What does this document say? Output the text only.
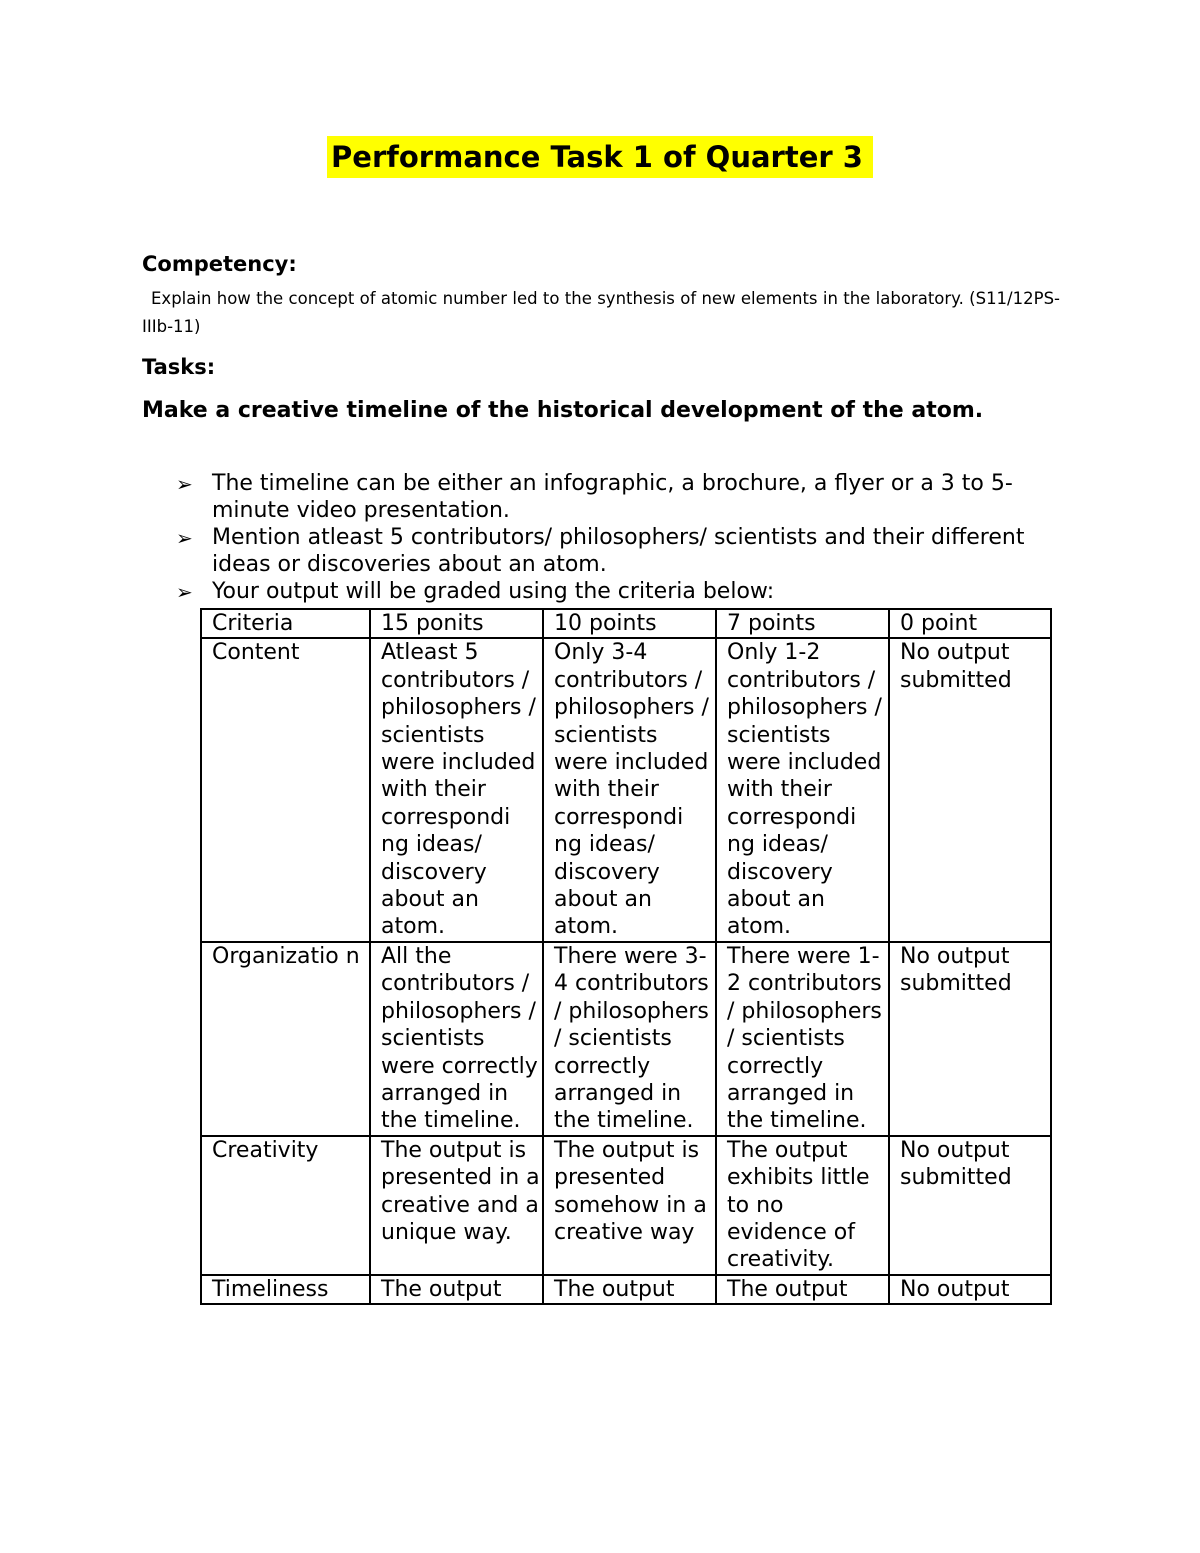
Performance Task 1 of Quarter 3
Competency:
Explain how the concept of atomic number led to the synthesis of new elements in the laboratory. (S11/12PS-IIIb-11)
Tasks:
Make a creative timeline of the historical development of the atom.
➢ The timeline can be either an infographic, a brochure, a flyer or a 3 to 5-minute video presentation.
➢ Mention atleast 5 contributors/ philosophers/ scientists and their different ideas or discoveries about an atom.
➢ Your output will be graded using the criteria below:
Criteria	15 ponits	10 points	7 points	0 point
Content	Atleast 5 contributors / philosophers / scientists were included with their correspondi ng ideas/ discovery about an atom.	Only 3-4 contributors / philosophers / scientists were included with their correspondi ng ideas/ discovery about an atom.	Only 1-2 contributors / philosophers / scientists were included with their correspondi ng ideas/ discovery about an atom.	No output submitted
Organizatio n	All the contributors / philosophers / scientists were correctly arranged in the timeline.	There were 3-4 contributors / philosophers / scientists correctly arranged in the timeline.	There were 1-2 contributors / philosophers / scientists correctly arranged in the timeline.	No output submitted
Creativity	The output is presented in a creative and a unique way.	The output is presented somehow in a creative way	The output exhibits little to no evidence of creativity.	No output submitted
Timeliness	The output	The output	The output	No output
